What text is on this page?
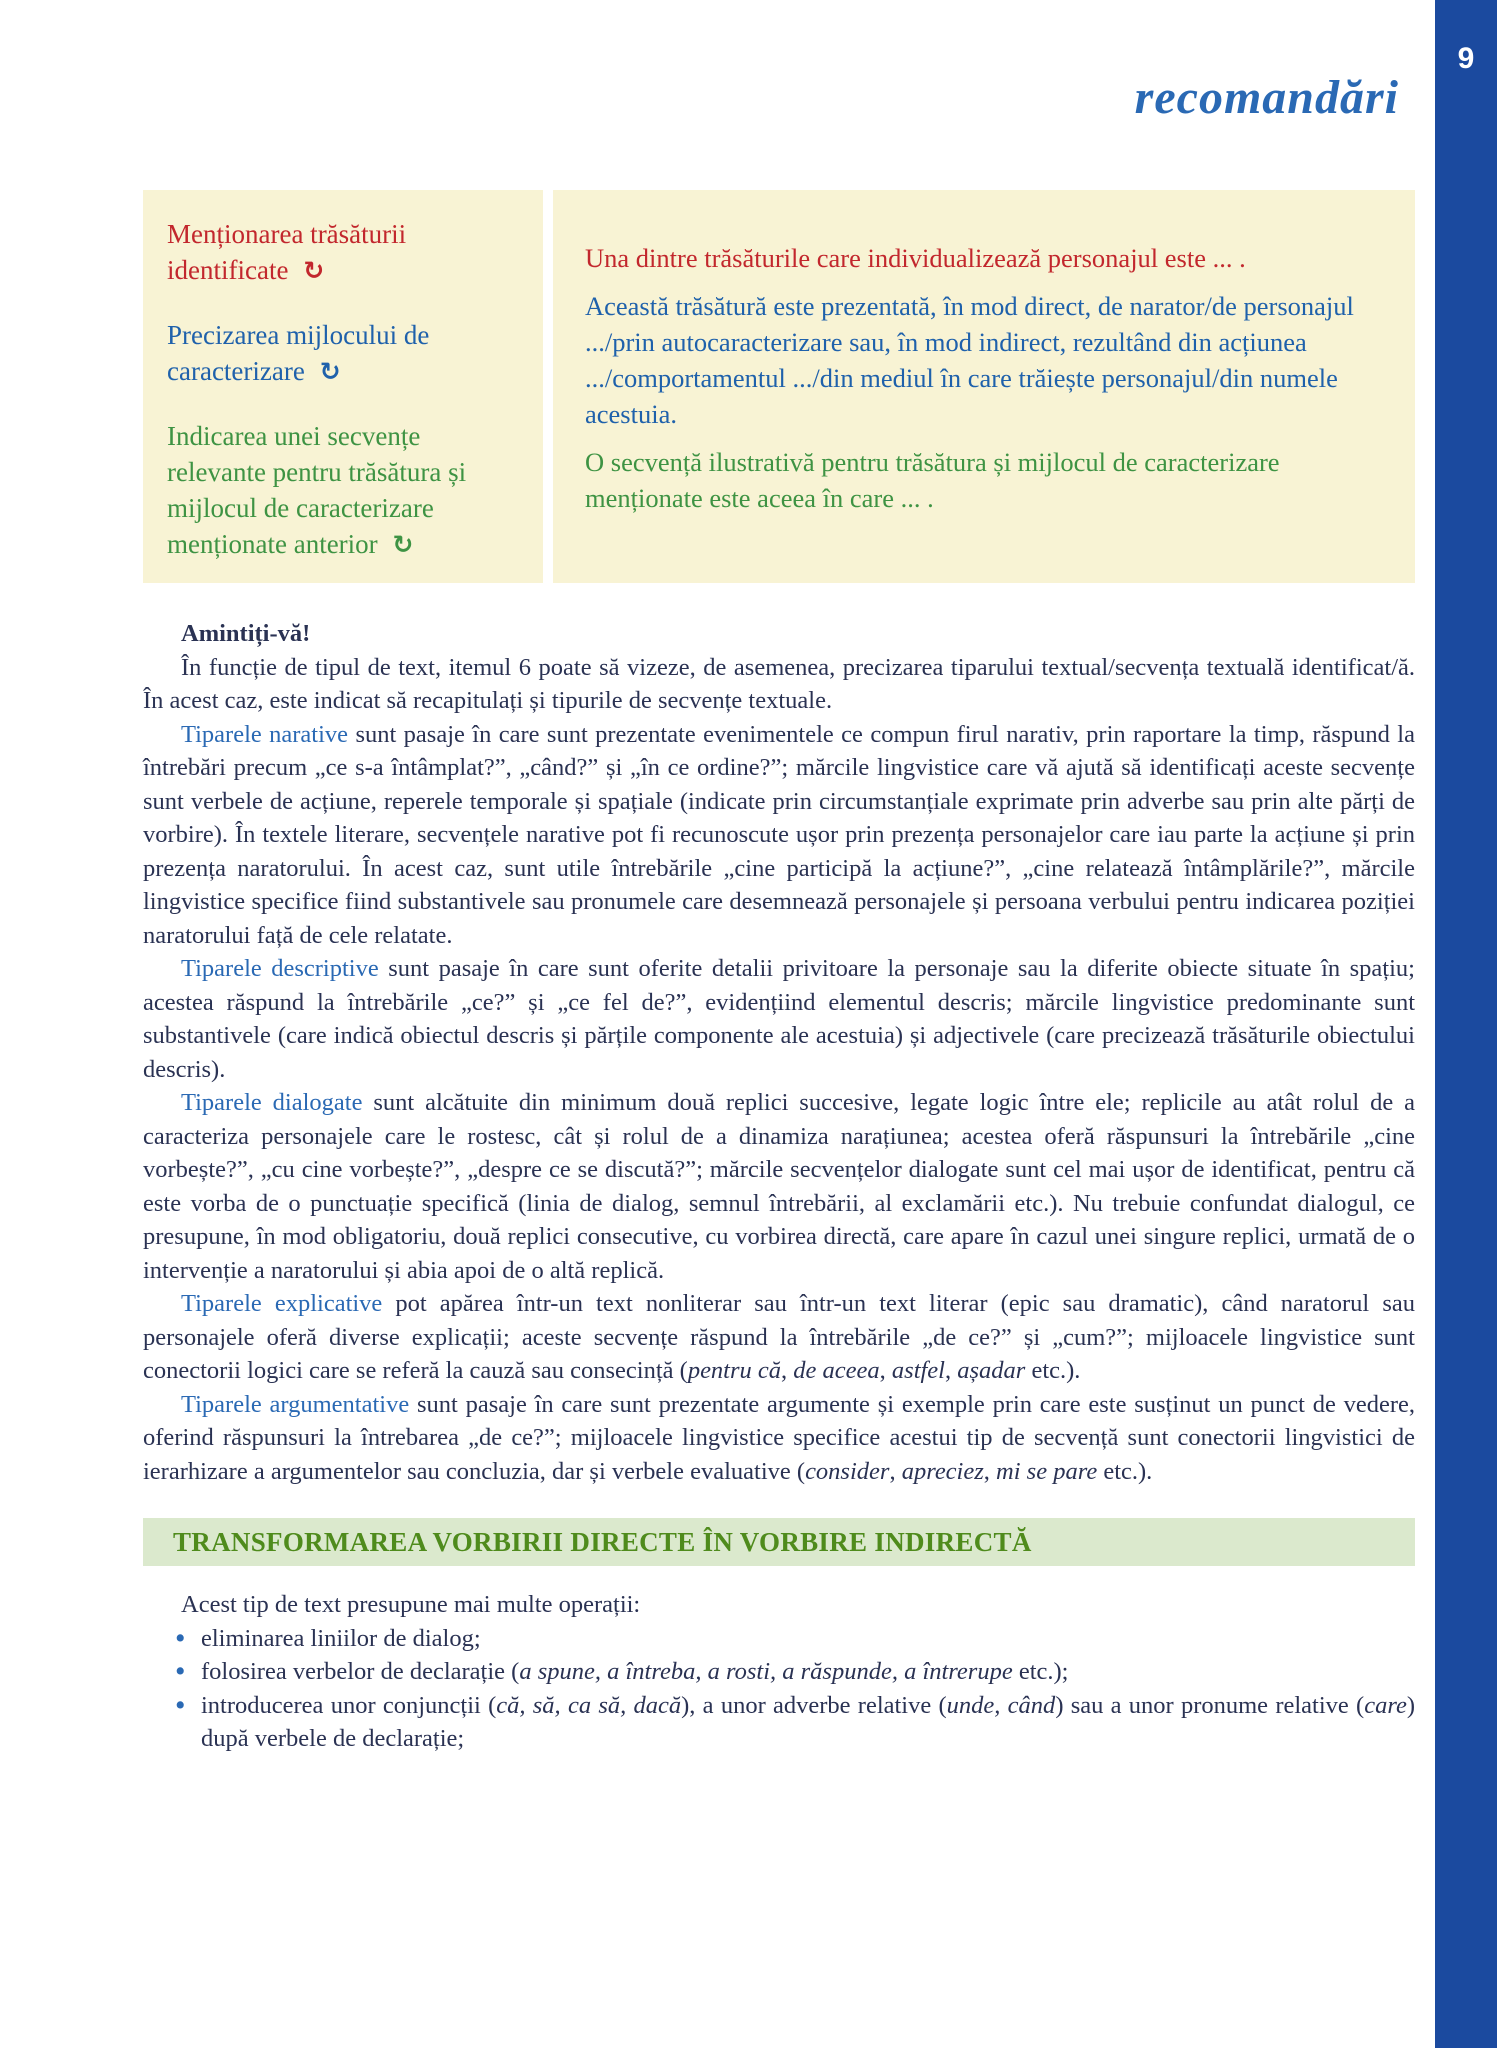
9
recomandări
Menționarea trăsăturii identificate ↻
Precizarea mijlocului de caracterizare ↻
Indicarea unei secvențe relevante pentru trăsătura și mijlocul de caracterizare menționate anterior ↻

Una dintre trăsăturile care individualizează personajul este ... .

Această trăsătură este prezentată, în mod direct, de narator/de personajul .../prin autocaracterizare sau, în mod indirect, rezultând din acțiunea .../comportamentul .../din mediul în care trăiește personajul/din numele acestuia.

O secvență ilustrativă pentru trăsătura și mijlocul de caracterizare menționate este aceea în care ... .

Amintiți-vă!

În funcție de tipul de text, itemul 6 poate să vizeze, de asemenea, precizarea tiparului textual/secvența textuală identificat/ă. În acest caz, este indicat să recapitulați și tipurile de secvențe textuale.

Tiparele narative sunt pasaje în care sunt prezentate evenimentele ce compun firul narativ, prin raportare la timp, răspund la întrebări precum „ce s-a întâmplat?”, „când?” și „în ce ordine?”; mărcile lingvistice care vă ajută să identificați aceste secvențe sunt verbele de acțiune, reperele temporale și spațiale (indicate prin circumstanțiale exprimate prin adverbe sau prin alte părți de vorbire). În textele literare, secvențele narative pot fi recunoscute ușor prin prezența personajelor care iau parte la acțiune și prin prezența naratorului. În acest caz, sunt utile întrebările „cine participă la acțiune?”, „cine relatează întâmplările?”, mărcile lingvistice specifice fiind substantivele sau pronumele care desemnează personajele și persoana verbului pentru indicarea poziției naratorului față de cele relatate.

Tiparele descriptive sunt pasaje în care sunt oferite detalii privitoare la personaje sau la diferite obiecte situate în spațiu; acestea răspund la întrebările „ce?” și „ce fel de?”, evidențiind elementul descris; mărcile lingvistice predominante sunt substantivele (care indică obiectul descris și părțile componente ale acestuia) și adjectivele (care precizează trăsăturile obiectului descris).

Tiparele dialogate sunt alcătuite din minimum două replici succesive, legate logic între ele; replicile au atât rolul de a caracteriza personajele care le rostesc, cât și rolul de a dinamiza narațiunea; acestea oferă răspunsuri la întrebările „cine vorbește?”, „cu cine vorbește?”, „despre ce se discută?”; mărcile secvențelor dialogate sunt cel mai ușor de identificat, pentru că este vorba de o punctuație specifică (linia de dialog, semnul întrebării, al exclamării etc.). Nu trebuie confundat dialogul, ce presupune, în mod obligatoriu, două replici consecutive, cu vorbirea directă, care apare în cazul unei singure replici, urmată de o intervenție a naratorului și abia apoi de o altă replică.

Tiparele explicative pot apărea într-un text nonliterar sau într-un text literar (epic sau dramatic), când naratorul sau personajele oferă diverse explicații; aceste secvențe răspund la întrebările „de ce?” și „cum?”; mijloacele lingvistice sunt conectorii logici care se referă la cauză sau consecință (pentru că, de aceea, astfel, așadar etc.).

Tiparele argumentative sunt pasaje în care sunt prezentate argumente și exemple prin care este susținut un punct de vedere, oferind răspunsuri la întrebarea „de ce?”; mijloacele lingvistice specifice acestui tip de secvență sunt conectorii lingvistici de ierarhizare a argumentelor sau concluzia, dar și verbele evaluative (consider, apreciez, mi se pare etc.).

TRANSFORMAREA VORBIRII DIRECTE ÎN VORBIRE INDIRECTĂ

Acest tip de text presupune mai multe operații:

• eliminarea liniilor de dialog;
• folosirea verbelor de declarație (a spune, a întreba, a rosti, a răspunde, a întrerupe etc.);
• introducerea unor conjuncții (că, să, ca să, dacă), a unor adverbe relative (unde, când) sau a unor pronume relative (care) după verbele de declarație;
